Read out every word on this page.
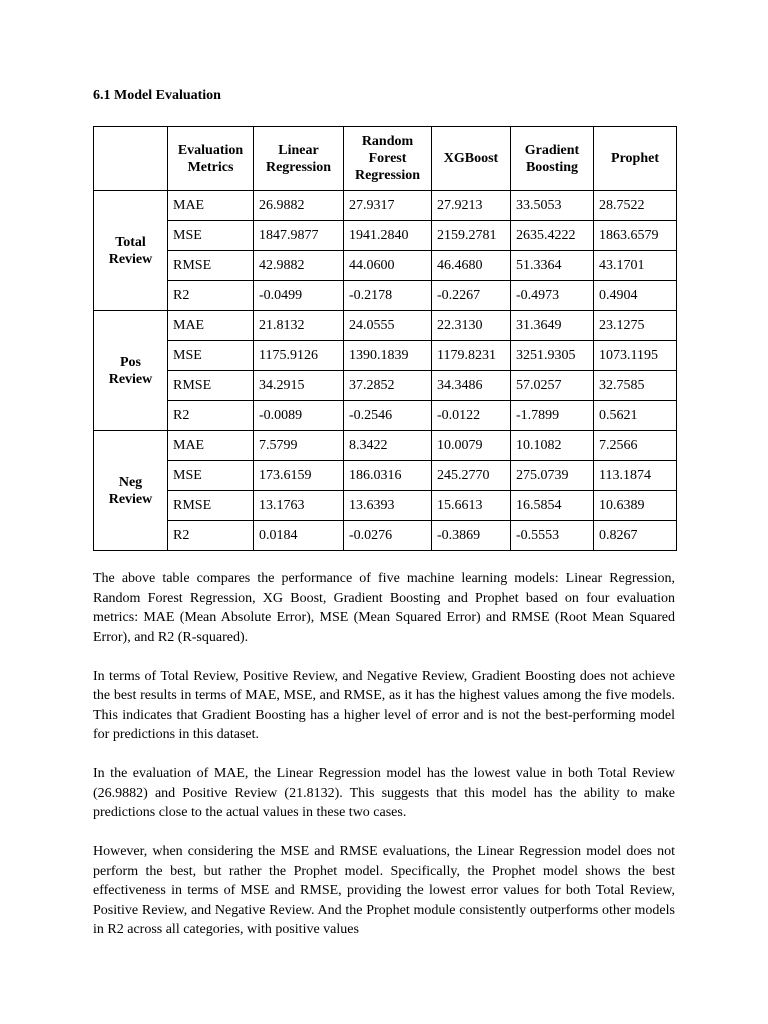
6.1 Model Evaluation
	Evaluation Metrics	Linear Regression	Random Forest Regression	XGBoost	Gradient Boosting	Prophet
Total Review	MAE	26.9882	27.9317	27.9213	33.5053	28.7522
	MSE	1847.9877	1941.2840	2159.2781	2635.4222	1863.6579
	RMSE	42.9882	44.0600	46.4680	51.3364	43.1701
	R2	-0.0499	-0.2178	-0.2267	-0.4973	0.4904
Pos Review	MAE	21.8132	24.0555	22.3130	31.3649	23.1275
	MSE	1175.9126	1390.1839	1179.8231	3251.9305	1073.1195
	RMSE	34.2915	37.2852	34.3486	57.0257	32.7585
	R2	-0.0089	-0.2546	-0.0122	-1.7899	0.5621
Neg Review	MAE	7.5799	8.3422	10.0079	10.1082	7.2566
	MSE	173.6159	186.0316	245.2770	275.0739	113.1874
	RMSE	13.1763	13.6393	15.6613	16.5854	10.6389
	R2	0.0184	-0.0276	-0.3869	-0.5553	0.8267

The above table compares the performance of five machine learning models: Linear Regression, Random Forest Regression, XG Boost, Gradient Boosting and Prophet based on four evaluation metrics: MAE (Mean Absolute Error), MSE (Mean Squared Error) and RMSE (Root Mean Squared Error), and R2 (R-squared).

In terms of Total Review, Positive Review, and Negative Review, Gradient Boosting does not achieve the best results in terms of MAE, MSE, and RMSE, as it has the highest values among the five models. This indicates that Gradient Boosting has a higher level of error and is not the best-performing model for predictions in this dataset.

In the evaluation of MAE, the Linear Regression model has the lowest value in both Total Review (26.9882) and Positive Review (21.8132). This suggests that this model has the ability to make predictions close to the actual values in these two cases.

However, when considering the MSE and RMSE evaluations, the Linear Regression model does not perform the best, but rather the Prophet model. Specifically, the Prophet model shows the best effectiveness in terms of MSE and RMSE, providing the lowest error values for both Total Review, Positive Review, and Negative Review. And the Prophet module consistently outperforms other models in R2 across all categories, with positive values
